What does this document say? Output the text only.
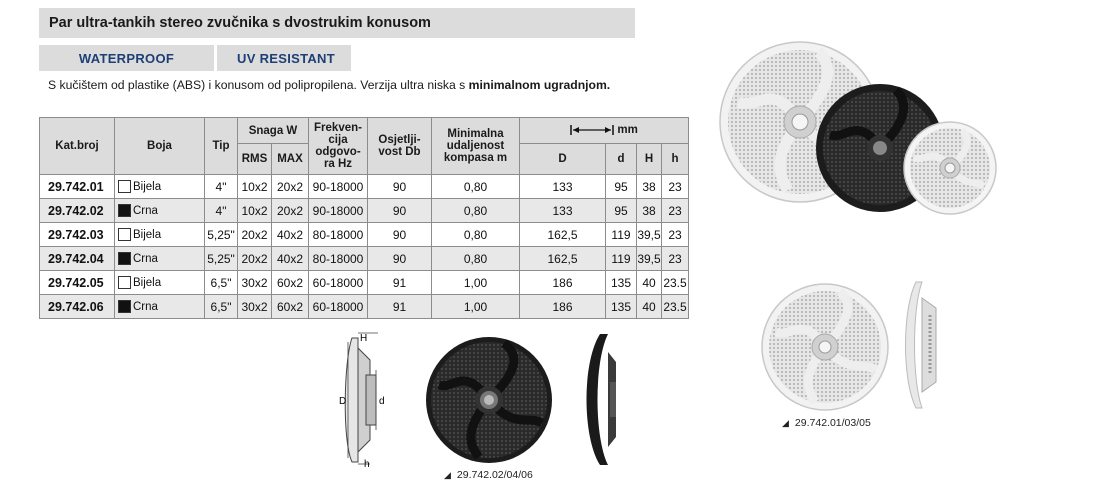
Par ultra-tankih stereo zvučnika s dvostrukim konusom
WATERPROOF	UV RESISTANT
S kučištem od plastike (ABS) i konusom od polipropilena. Verzija ultra niska s minimalnom ugradnjom.
Kat.broj	Boja	Tip	Snaga W		Frekven-
cija
odgovo-
ra Hz	Osjetlji-
vost Db	Minimalna
udaljenost
kompasa m	mm			
			RMS	MAX				D	d	H	h
29.742.01	Bijela	4"	10x2	20x2	90-18000	90	0,80	133	95	38	23
29.742.02	Crna	4"	10x2	20x2	90-18000	90	0,80	133	95	38	23
29.742.03	Bijela	5,25"	20x2	40x2	80-18000	90	0,80	162,5	119	39,5	23
29.742.04	Crna	5,25"	20x2	40x2	80-18000	90	0,80	162,5	119	39,5	23
29.742.05	Bijela	6,5"	30x2	60x2	60-18000	91	1,00	186	135	40	23.5
29.742.06	Crna	6,5"	30x2	60x2	60-18000	91	1,00	186	135	40	23.5
H
D	d
h
◢ 29.742.02/04/06
◢ 29.742.01/03/05
